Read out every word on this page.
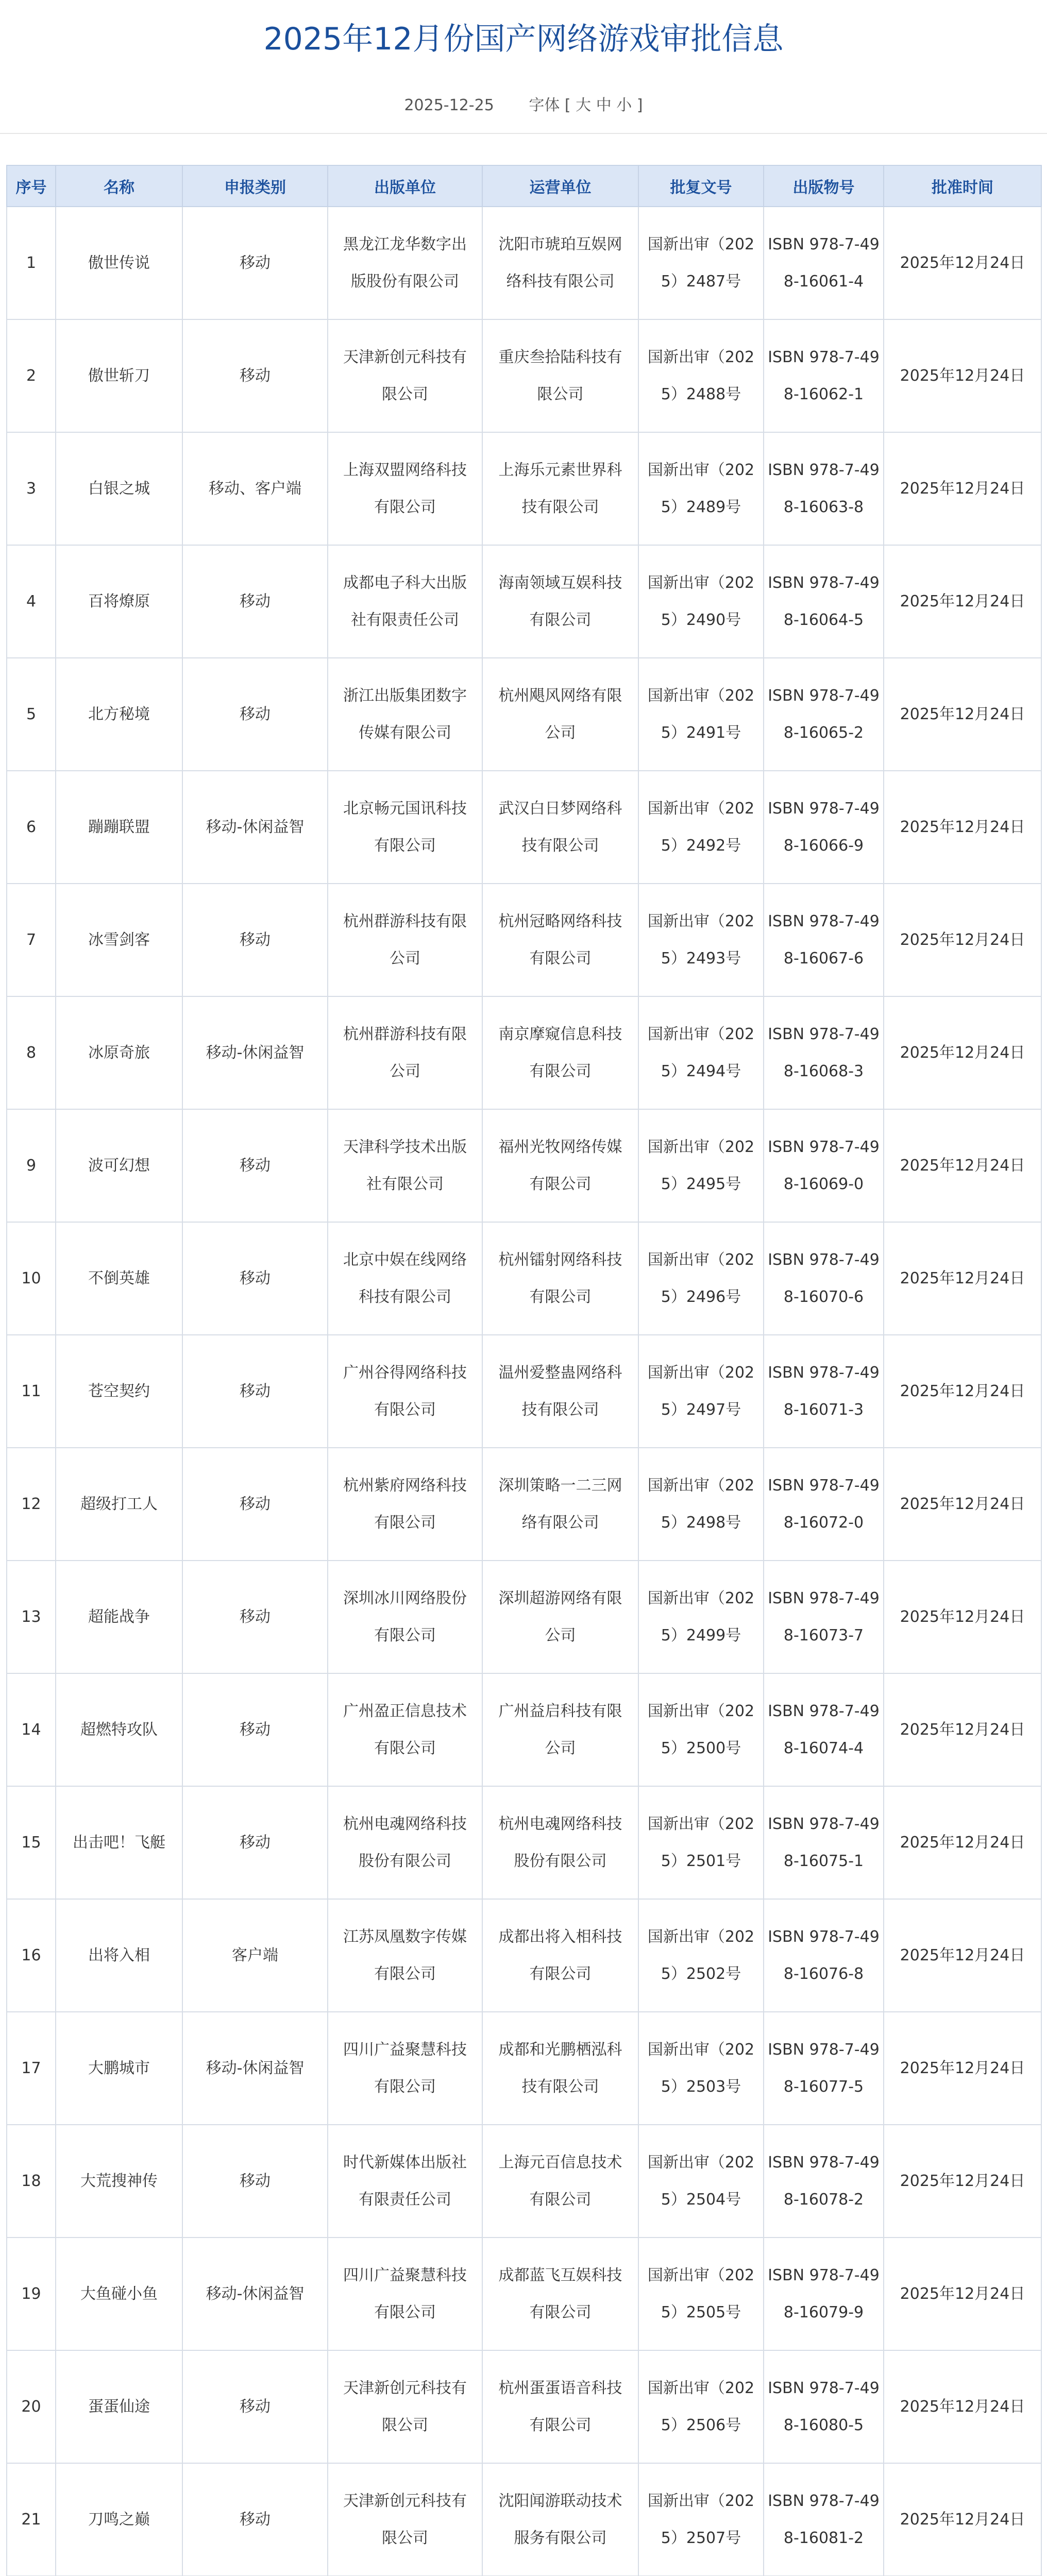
2025年12月份国产网络游戏审批信息
2025-12-25 字体 [ 大 中 小 ]
序号	名称	申报类别	出版单位	运营单位	批复文号	出版物号	批准时间
1	傲世传说	移动	黑龙江龙华数字出版股份有限公司	沈阳市琥珀互娱网络科技有限公司	国新出审（2025）2487号	ISBN 978-7-498-16061-4	2025年12月24日
2	傲世斩刀	移动	天津新创元科技有限公司	重庆叁拾陆科技有限公司	国新出审（2025）2488号	ISBN 978-7-498-16062-1	2025年12月24日
3	白银之城	移动、客户端	上海双盟网络科技有限公司	上海乐元素世界科技有限公司	国新出审（2025）2489号	ISBN 978-7-498-16063-8	2025年12月24日
4	百将燎原	移动	成都电子科大出版社有限责任公司	海南领域互娱科技有限公司	国新出审（2025）2490号	ISBN 978-7-498-16064-5	2025年12月24日
5	北方秘境	移动	浙江出版集团数字传媒有限公司	杭州飓风网络有限公司	国新出审（2025）2491号	ISBN 978-7-498-16065-2	2025年12月24日
6	蹦蹦联盟	移动-休闲益智	北京畅元国讯科技有限公司	武汉白日梦网络科技有限公司	国新出审（2025）2492号	ISBN 978-7-498-16066-9	2025年12月24日
7	冰雪剑客	移动	杭州群游科技有限公司	杭州冠略网络科技有限公司	国新出审（2025）2493号	ISBN 978-7-498-16067-6	2025年12月24日
8	冰原奇旅	移动-休闲益智	杭州群游科技有限公司	南京摩窥信息科技有限公司	国新出审（2025）2494号	ISBN 978-7-498-16068-3	2025年12月24日
9	波可幻想	移动	天津科学技术出版社有限公司	福州光牧网络传媒有限公司	国新出审（2025）2495号	ISBN 978-7-498-16069-0	2025年12月24日
10	不倒英雄	移动	北京中娱在线网络科技有限公司	杭州镭射网络科技有限公司	国新出审（2025）2496号	ISBN 978-7-498-16070-6	2025年12月24日
11	苍空契约	移动	广州谷得网络科技有限公司	温州爱整蛊网络科技有限公司	国新出审（2025）2497号	ISBN 978-7-498-16071-3	2025年12月24日
12	超级打工人	移动	杭州紫府网络科技有限公司	深圳策略一二三网络有限公司	国新出审（2025）2498号	ISBN 978-7-498-16072-0	2025年12月24日
13	超能战争	移动	深圳冰川网络股份有限公司	深圳超游网络有限公司	国新出审（2025）2499号	ISBN 978-7-498-16073-7	2025年12月24日
14	超燃特攻队	移动	广州盈正信息技术有限公司	广州益启科技有限公司	国新出审（2025）2500号	ISBN 978-7-498-16074-4	2025年12月24日
15	出击吧！飞艇	移动	杭州电魂网络科技股份有限公司	杭州电魂网络科技股份有限公司	国新出审（2025）2501号	ISBN 978-7-498-16075-1	2025年12月24日
16	出将入相	客户端	江苏凤凰数字传媒有限公司	成都出将入相科技有限公司	国新出审（2025）2502号	ISBN 978-7-498-16076-8	2025年12月24日
17	大鹏城市	移动-休闲益智	四川广益聚慧科技有限公司	成都和光鹏栖泓科技有限公司	国新出审（2025）2503号	ISBN 978-7-498-16077-5	2025年12月24日
18	大荒搜神传	移动	时代新媒体出版社有限责任公司	上海元百信息技术有限公司	国新出审（2025）2504号	ISBN 978-7-498-16078-2	2025年12月24日
19	大鱼碰小鱼	移动-休闲益智	四川广益聚慧科技有限公司	成都蓝飞互娱科技有限公司	国新出审（2025）2505号	ISBN 978-7-498-16079-9	2025年12月24日
20	蛋蛋仙途	移动	天津新创元科技有限公司	杭州蛋蛋语音科技有限公司	国新出审（2025）2506号	ISBN 978-7-498-16080-5	2025年12月24日
21	刀鸣之巅	移动	天津新创元科技有限公司	沈阳闻游联动技术服务有限公司	国新出审（2025）2507号	ISBN 978-7-498-16081-2	2025年12月24日
